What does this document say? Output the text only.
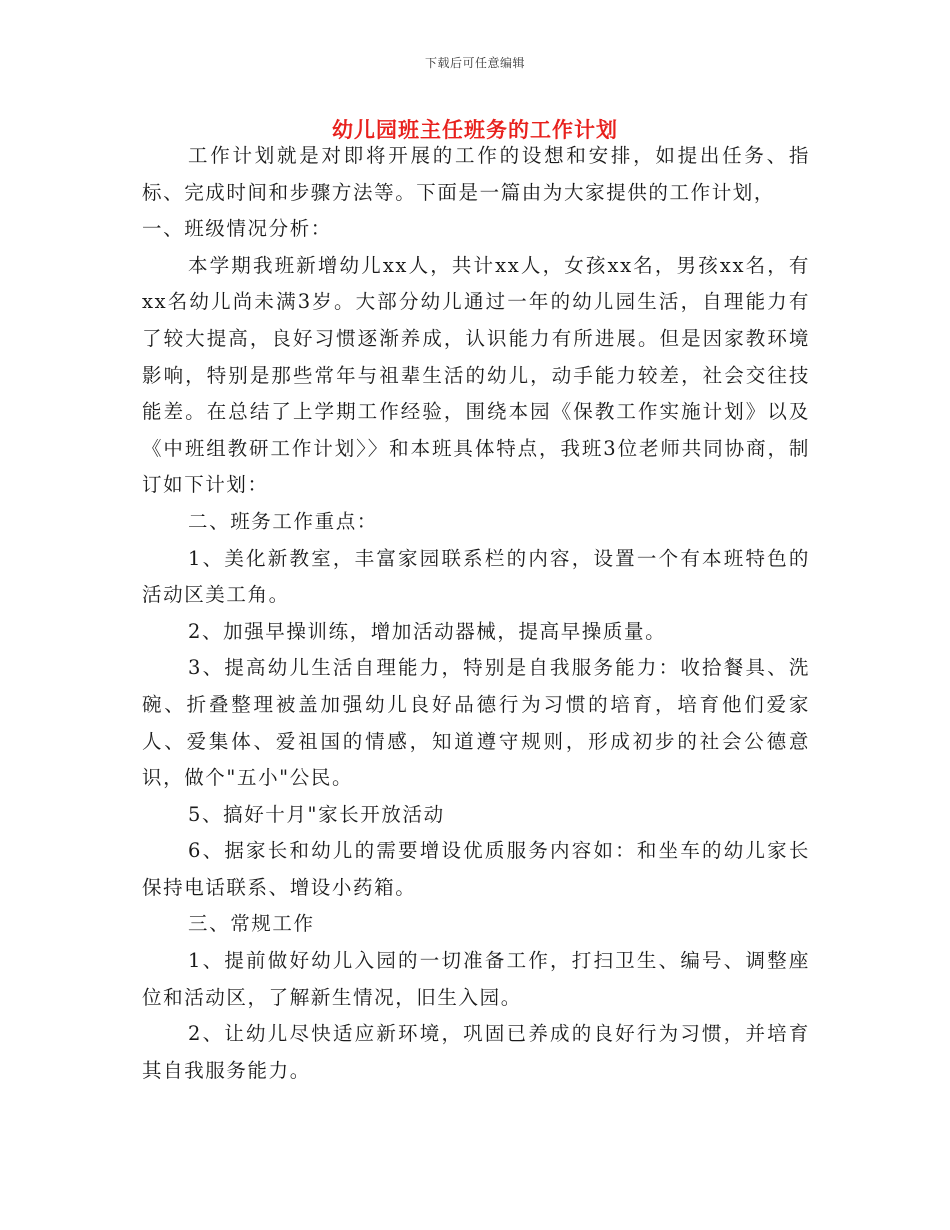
下载后可任意编辑
幼儿园班主任班务的工作计划

工作计划就是对即将开展的工作的设想和安排，如提出任务、指标、完成时间和步骤方法等。下面是一篇由为大家提供的工作计划，

一、班级情况分析：

本学期我班新增幼儿xx人，共计xx人，女孩xx名，男孩xx名，有xx名幼儿尚未满3岁。大部分幼儿通过一年的幼儿园生活，自理能力有了较大提高，良好习惯逐渐养成，认识能力有所进展。但是因家教环境影响，特别是那些常年与祖辈生活的幼儿，动手能力较差，社会交往技能差。在总结了上学期工作经验，围绕本园《保教工作实施计划》以及《中班组教研工作计划〉〉和本班具体特点，我班3位老师共同协商，制订如下计划：

二、班务工作重点：

1、美化新教室，丰富家园联系栏的内容，设置一个有本班特色的活动区美工角。

2、加强早操训练，增加活动器械，提高早操质量。

3、提高幼儿生活自理能力，特别是自我服务能力：收拾餐具、洗碗、折叠整理被盖加强幼儿良好品德行为习惯的培育，培育他们爱家人、爱集体、爱祖国的情感，知道遵守规则，形成初步的社会公德意识，做个"五小"公民。

5、搞好十月"家长开放活动

6、据家长和幼儿的需要增设优质服务内容如：和坐车的幼儿家长保持电话联系、增设小药箱。

三、常规工作

1、提前做好幼儿入园的一切准备工作，打扫卫生、编号、调整座位和活动区，了解新生情况，旧生入园。

2、让幼儿尽快适应新环境，巩固已养成的良好行为习惯，并培育其自我服务能力。
